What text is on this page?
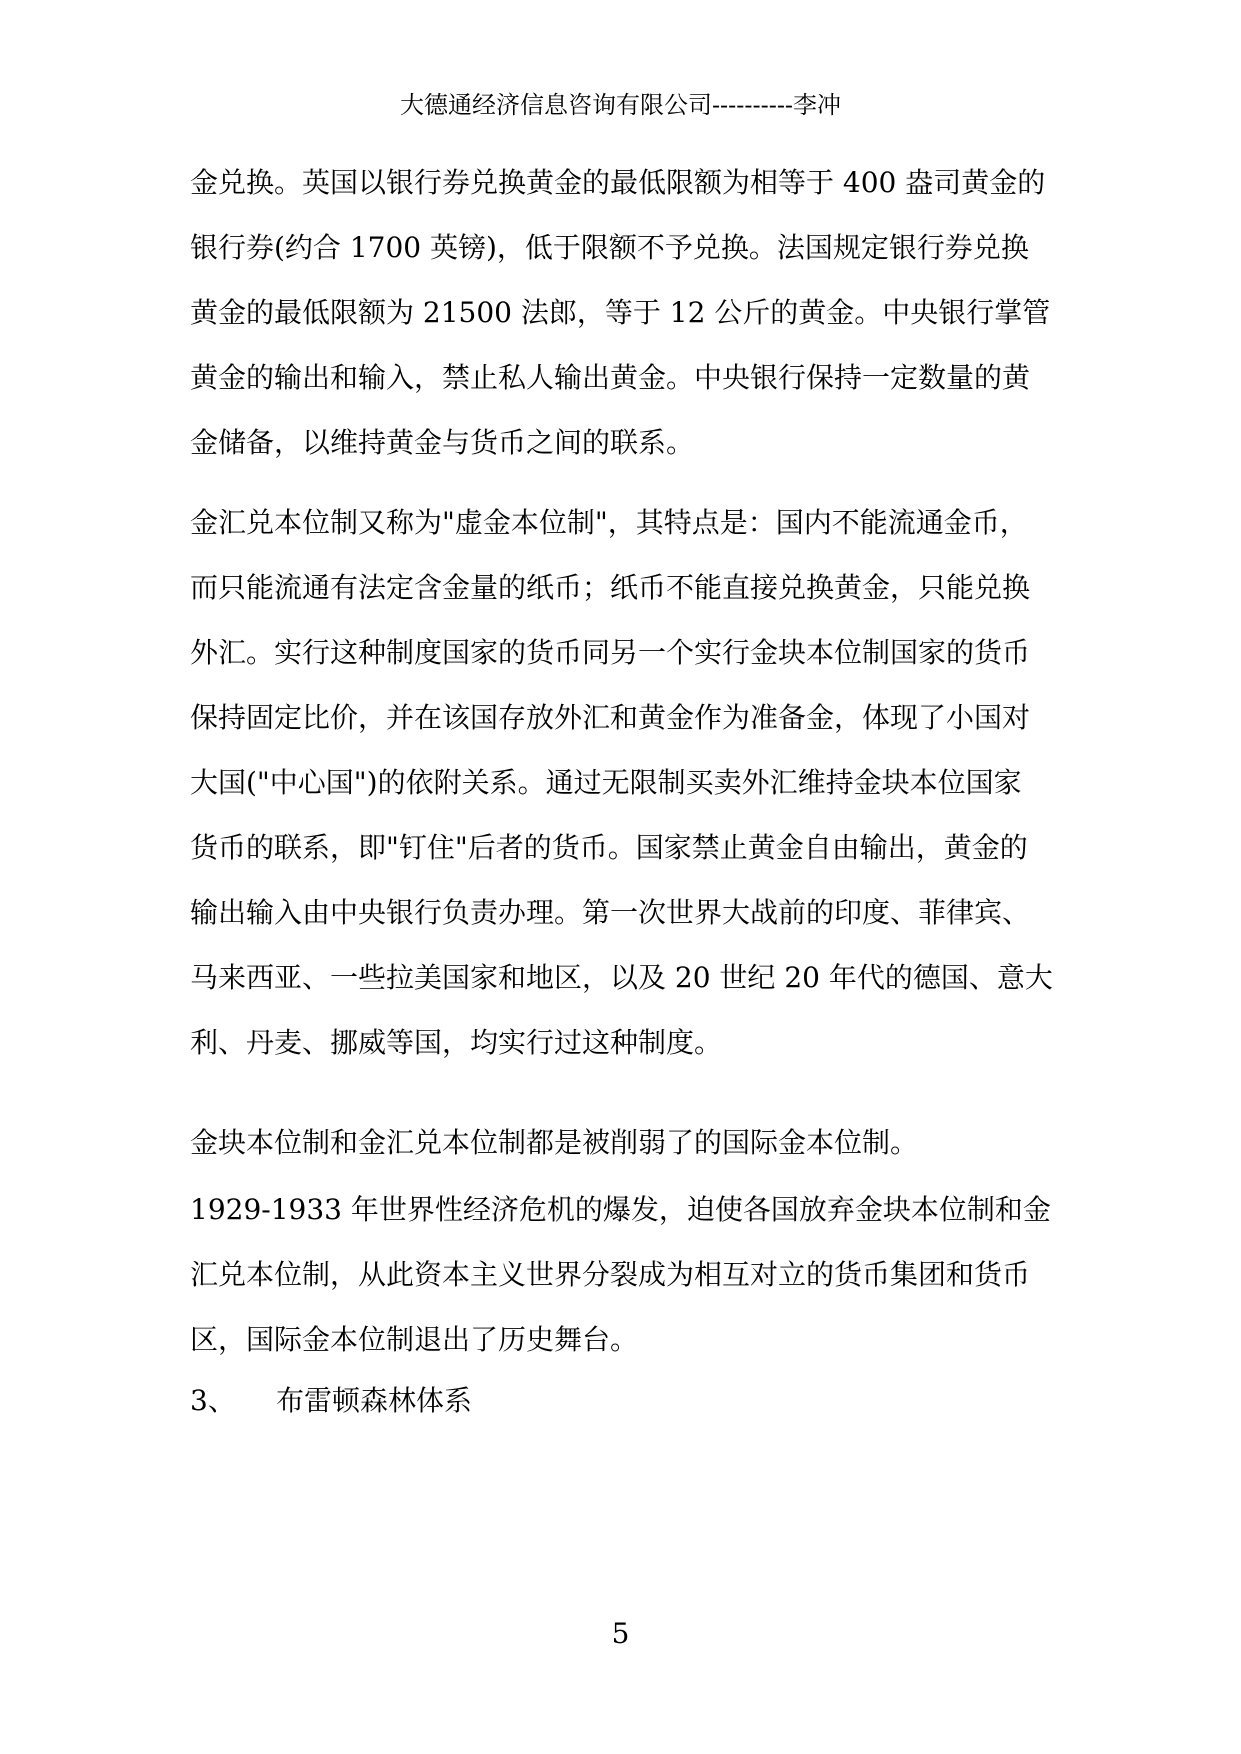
大德通经济信息咨询有限公司----------李冲
金兑换。英国以银行券兑换黄金的最低限额为相等于 400 盎司黄金的
银行券(约合 1700 英镑)，低于限额不予兑换。法国规定银行券兑换
黄金的最低限额为 21500 法郎，等于 12 公斤的黄金。中央银行掌管
黄金的输出和输入，禁止私人输出黄金。中央银行保持一定数量的黄
金储备，以维持黄金与货币之间的联系。
金汇兑本位制又称为"虚金本位制"，其特点是：国内不能流通金币，
而只能流通有法定含金量的纸币；纸币不能直接兑换黄金，只能兑换
外汇。实行这种制度国家的货币同另一个实行金块本位制国家的货币
保持固定比价，并在该国存放外汇和黄金作为准备金，体现了小国对
大国("中心国")的依附关系。通过无限制买卖外汇维持金块本位国家
货币的联系，即"钉住"后者的货币。国家禁止黄金自由输出，黄金的
输出输入由中央银行负责办理。第一次世界大战前的印度、菲律宾、
马来西亚、一些拉美国家和地区，以及 20 世纪 20 年代的德国、意大
利、丹麦、挪威等国，均实行过这种制度。
金块本位制和金汇兑本位制都是被削弱了的国际金本位制。
1929-1933 年世界性经济危机的爆发，迫使各国放弃金块本位制和金
汇兑本位制，从此资本主义世界分裂成为相互对立的货币集团和货币
区，国际金本位制退出了历史舞台。
3、 布雷顿森林体系
5
